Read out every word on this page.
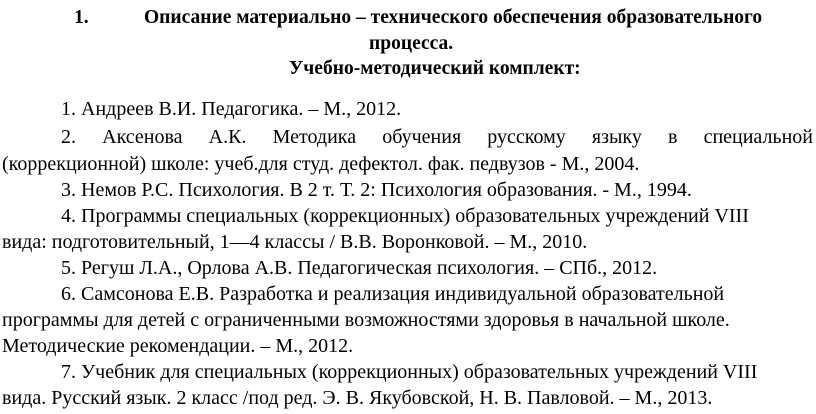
1.	Описание материально – технического обеспечения образовательного
процесса.
Учебно-методический комплект:
1. Андреев В.И. Педагогика. – М., 2012.
2. Аксенова А.К. Методика обучения русскому языку в специальной
(коррекционной) школе: учеб.для студ. дефектол. фак. педвузов - М., 2004.
3. Немов Р.С. Психология. В 2 т. Т. 2: Психология образования. - М., 1994.
4. Программы специальных (коррекционных) образовательных учреждений VIII
вида: подготовительный, 1—4 классы / В.В. Воронковой. – М., 2010.
5. Регуш Л.А., Орлова А.В. Педагогическая психология. – СПб., 2012.
6. Самсонова Е.В. Разработка и реализация индивидуальной образовательной
программы для детей с ограниченными возможностями здоровья в начальной школе.
Методические рекомендации. – М., 2012.
7. Учебник для специальных (коррекционных) образовательных учреждений VIII
вида. Русский язык. 2 класс /под ред. Э. В. Якубовской, Н. В. Павловой. – М., 2013.
